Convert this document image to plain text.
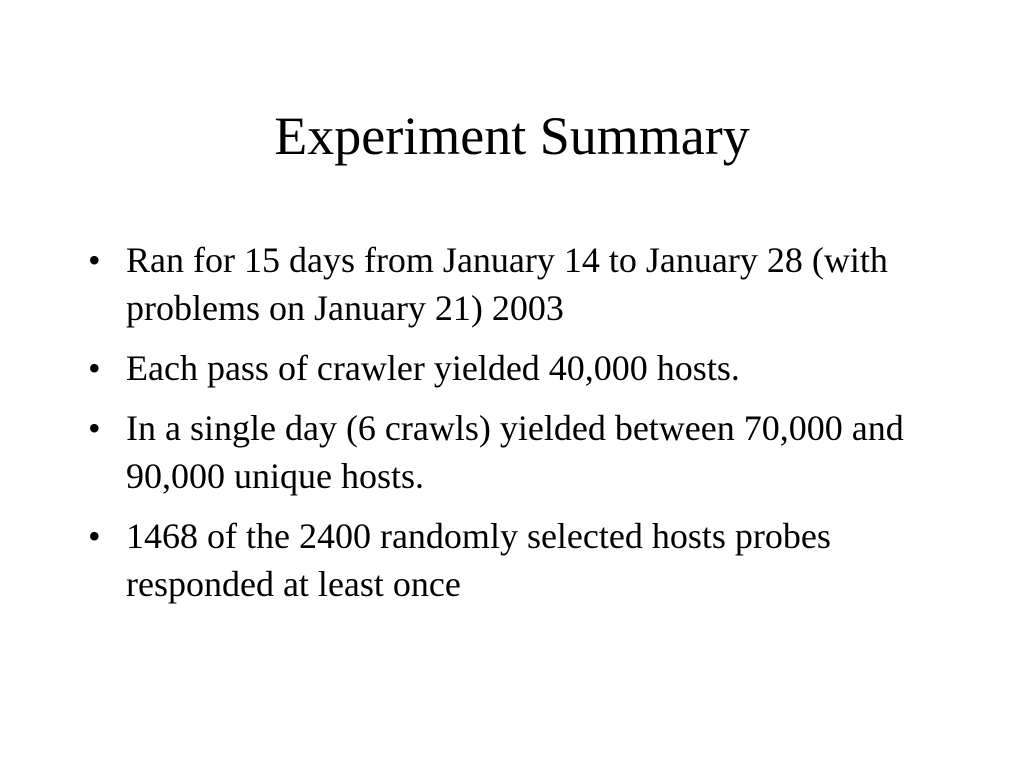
Experiment Summary
• Ran for 15 days from January 14 to January 28 (with problems on January 21) 2003
• Each pass of crawler yielded 40,000 hosts.
• In a single day (6 crawls) yielded between 70,000 and 90,000 unique hosts.
• 1468 of the 2400 randomly selected hosts probes responded at least once
